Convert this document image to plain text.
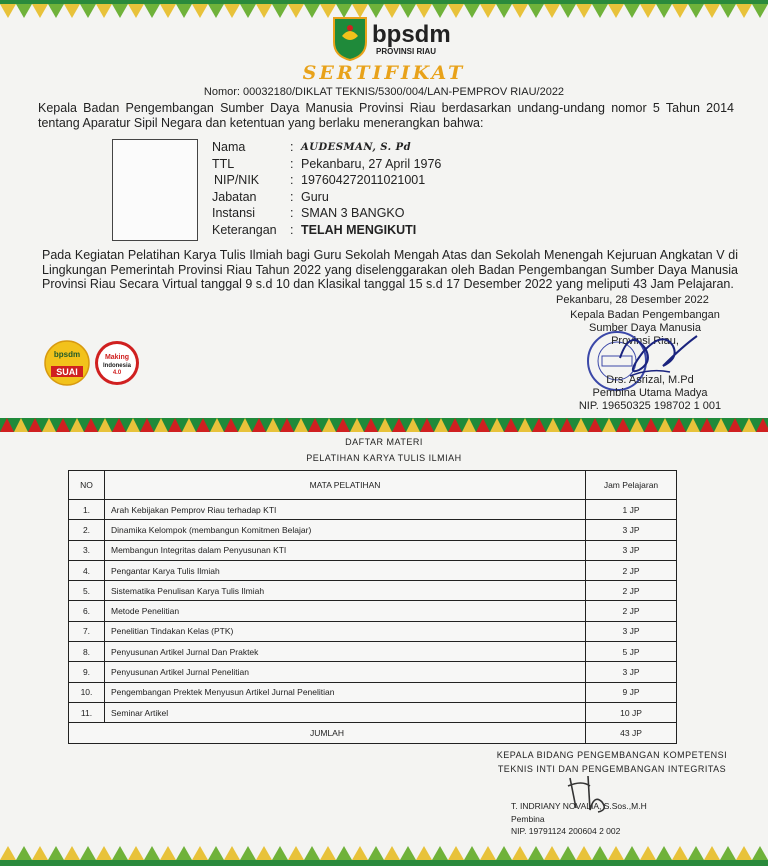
bpsdm
PROVINSI RIAU
SERTIFIKAT
Nomor: 00032180/DIKLAT TEKNIS/5300/004/LAN-PEMPROV RIAU/2022
Kepala Badan Pengembangan Sumber Daya Manusia Provinsi Riau berdasarkan undang-undang nomor 5 Tahun 2014 tentang Aparatur Sipil Negara dan ketentuan yang berlaku menerangkan bahwa:
Nama	: AUDESMAN, S. Pd
TTL	: Pekanbaru, 27 April 1976
NIP/NIK : 197604272011021001
Jabatan	: Guru
Instansi	: SMAN 3 BANGKO
Keterangan : TELAH MENGIKUTI
Pada Kegiatan Pelatihan Karya Tulis Ilmiah bagi Guru Sekolah Mengah Atas dan Sekolah Menengah Kejuruan Angkatan V di Lingkungan Pemerintah Provinsi Riau Tahun 2022 yang diselenggarakan oleh Badan Pengembangan Sumber Daya Manusia Provinsi Riau Secara Virtual tanggal 9 s.d 10 dan Klasikal tanggal 15 s.d 17 Desember 2022 yang meliputi 43 Jam Pelajaran.
bpsdm
SUAI
Making
Indonesia
4.0
Pekanbaru, 28 Desember 2022
Kepala Badan Pengembangan
Sumber Daya Manusia
Provinsi Riau,
Drs. Asrizal, M.Pd
Pembina Utama Madya
NIP. 19650325 198702 1 001
DAFTAR MATERI
PELATIHAN KARYA TULIS ILMIAH
NO	MATA PELATIHAN	Jam Pelajaran
1.	Arah Kebijakan Pemprov Riau terhadap KTI	1 JP
2.	Dinamika Kelompok (membangun Komitmen Belajar)	3 JP
3.	Membangun Integritas dalam Penyusunan KTI	3 JP
4.	Pengantar Karya Tulis Ilmiah	2 JP
5.	Sistematika Penulisan Karya Tulis Ilmiah	2 JP
6.	Metode Penelitian	2 JP
7.	Penelitian Tindakan Kelas (PTK)	3 JP
8.	Penyusunan Artikel Jurnal Dan Praktek	5 JP
9.	Penyusunan Artikel Jurnal Penelitian	3 JP
10.	Pengembangan Prektek Menyusun Artikel Jurnal Penelitian	9 JP
11.	Seminar Artikel	10 JP
JUMLAH		43 JP
KEPALA BIDANG PENGEMBANGAN KOMPETENSI
TEKNIS INTI DAN PENGEMBANGAN INTEGRITAS
T. INDRIANY NOVALIA, S.Sos.,M.H
Pembina
NIP. 19791124 200604 2 002
